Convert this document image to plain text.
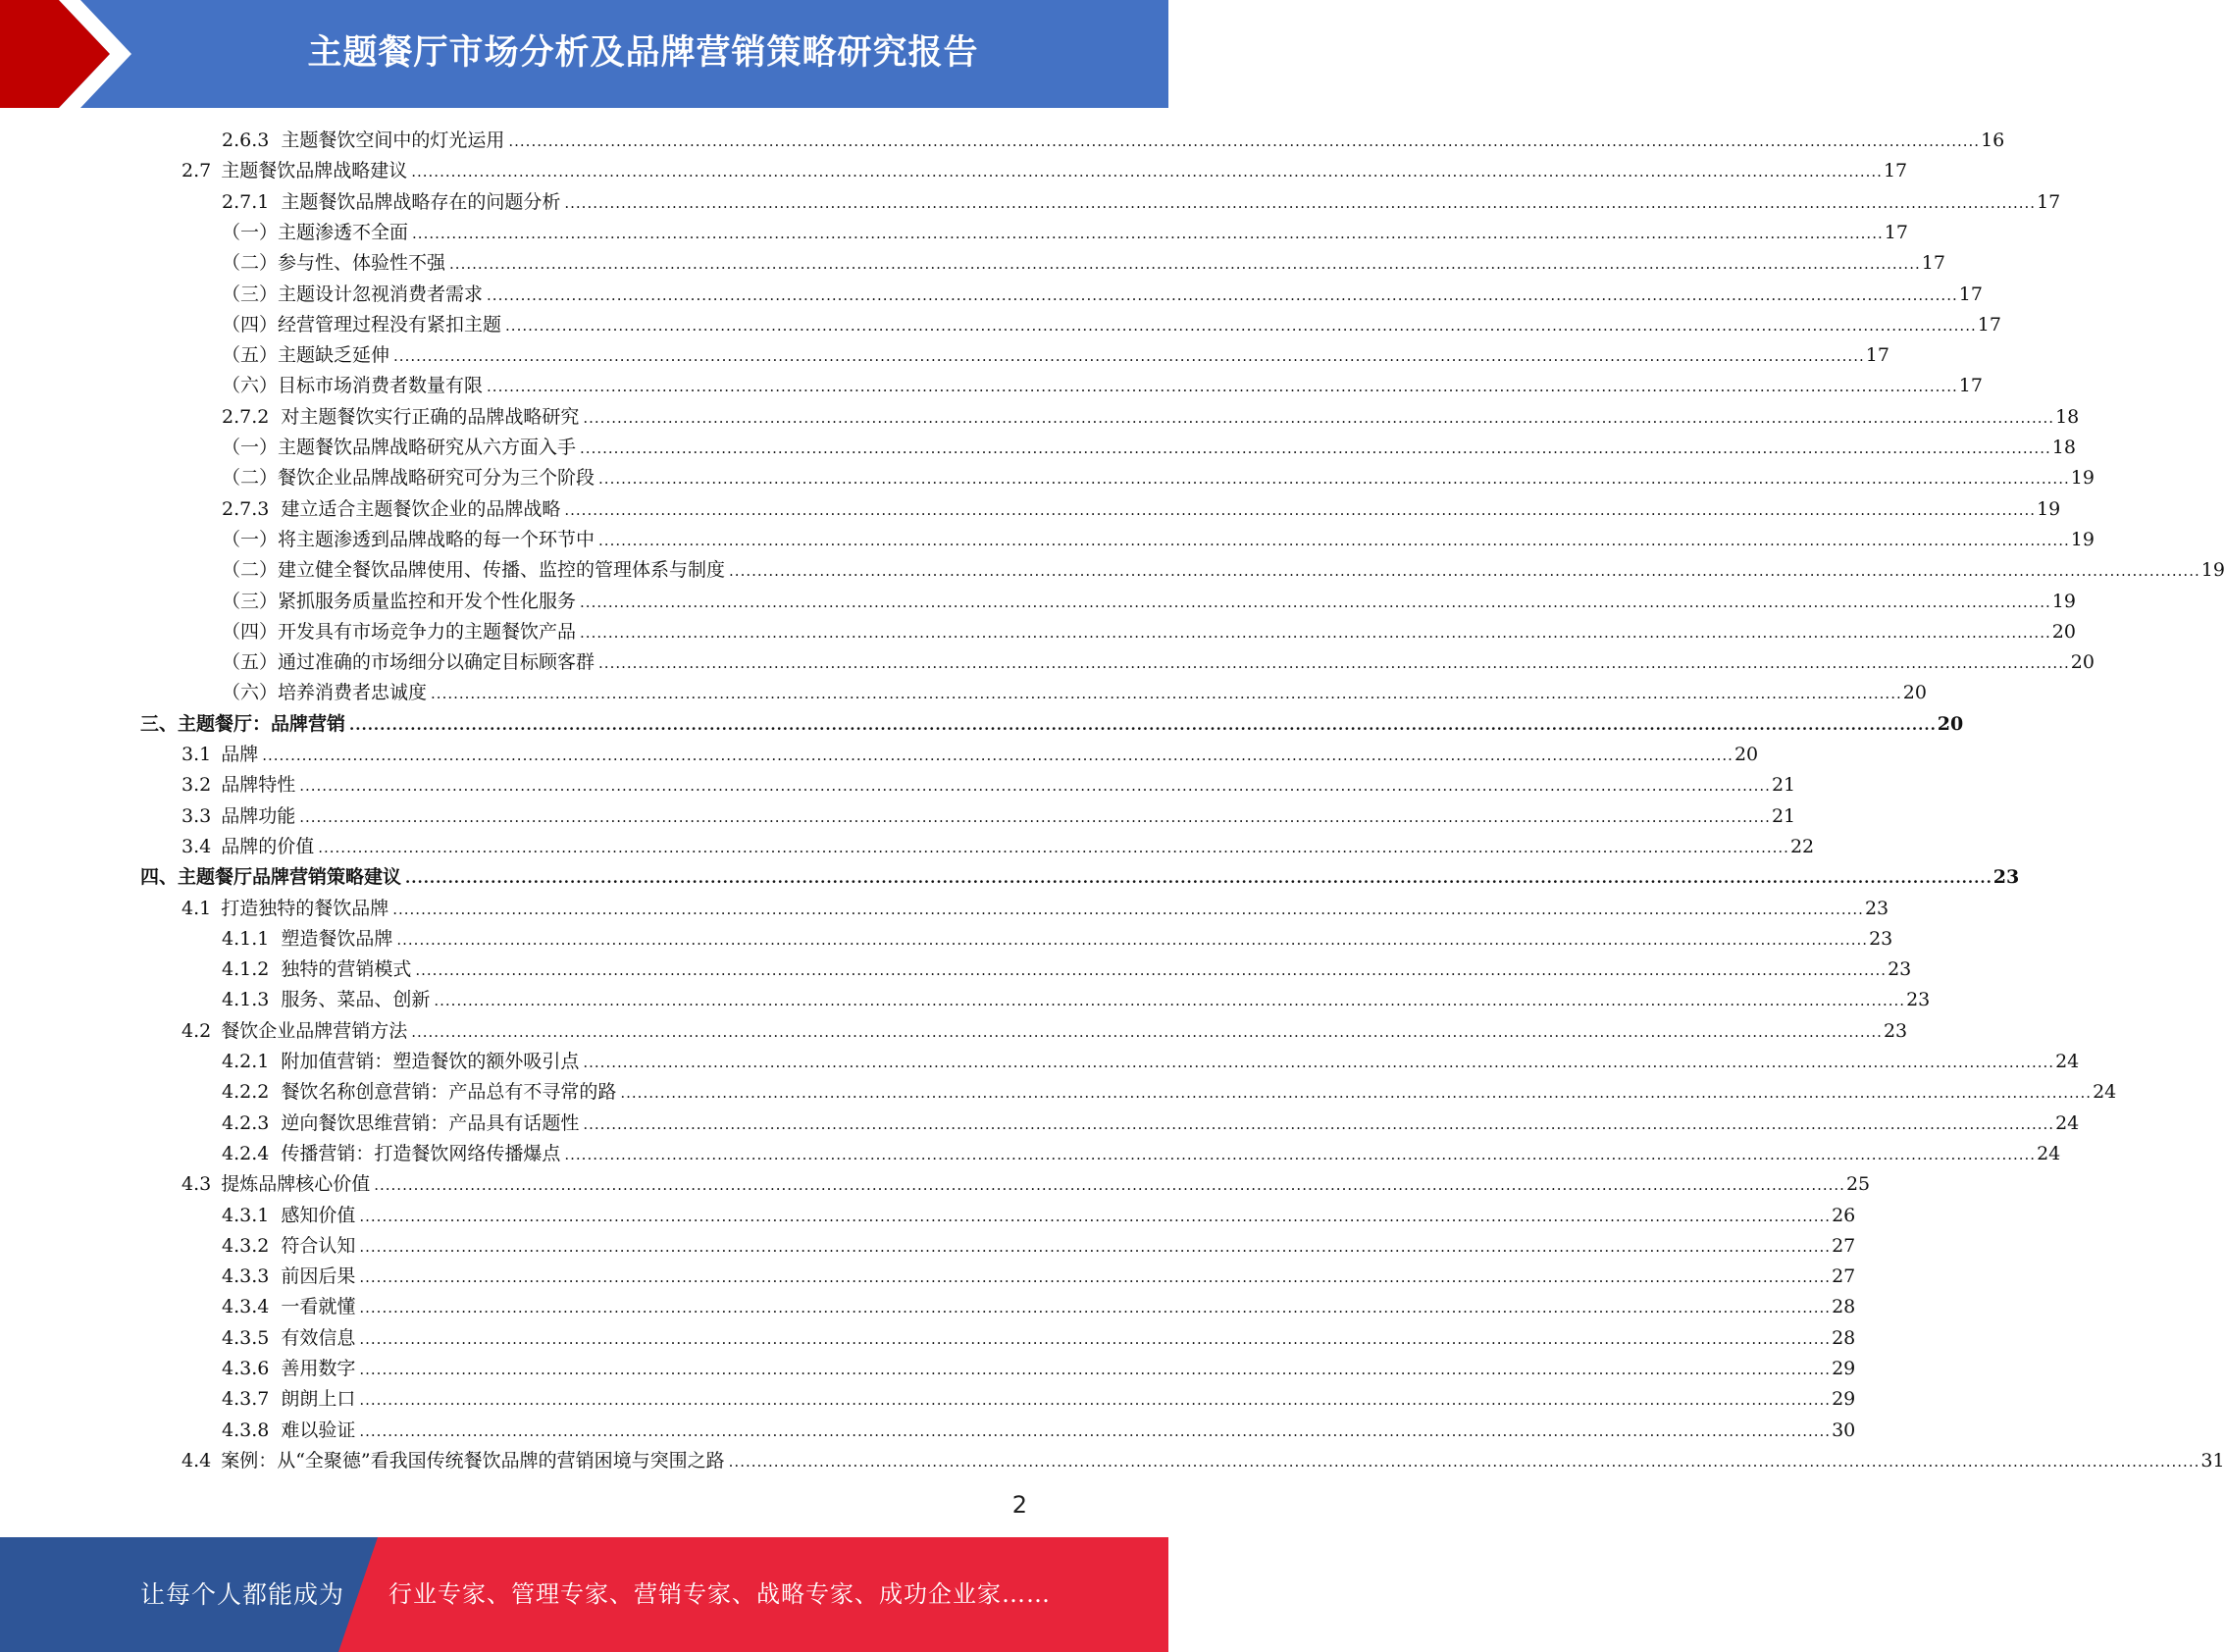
主题餐厅市场分析及品牌营销策略研究报告
2.6.3 主题餐饮空间中的灯光运用 .................................................................................................................................................................................................................................................................... 16
2.7 主题餐饮品牌战略建议 .................................................................................................................................................................................................................................................................... 17
2.7.1 主题餐饮品牌战略存在的问题分析 .................................................................................................................................................................................................................................................................... 17
（一） 主题渗透不全面 .................................................................................................................................................................................................................................................................... 17
（二） 参与性、体验性不强 .................................................................................................................................................................................................................................................................... 17
（三） 主题设计忽视消费者需求 .................................................................................................................................................................................................................................................................... 17
（四） 经营管理过程没有紧扣主题 .................................................................................................................................................................................................................................................................... 17
（五） 主题缺乏延伸 .................................................................................................................................................................................................................................................................... 17
（六） 目标市场消费者数量有限 .................................................................................................................................................................................................................................................................... 17
2.7.2 对主题餐饮实行正确的品牌战略研究 .................................................................................................................................................................................................................................................................... 18
（一） 主题餐饮品牌战略研究从六方面入手 .................................................................................................................................................................................................................................................................... 18
（二） 餐饮企业品牌战略研究可分为三个阶段 .................................................................................................................................................................................................................................................................... 19
2.7.3 建立适合主题餐饮企业的品牌战略 .................................................................................................................................................................................................................................................................... 19
（一） 将主题渗透到品牌战略的每一个环节中 .................................................................................................................................................................................................................................................................... 19
（二） 建立健全餐饮品牌使用、传播、监控的管理体系与制度 .................................................................................................................................................................................................................................................................... 19
（三） 紧抓服务质量监控和开发个性化服务 .................................................................................................................................................................................................................................................................... 19
（四） 开发具有市场竞争力的主题餐饮产品 .................................................................................................................................................................................................................................................................... 20
（五） 通过准确的市场细分以确定目标顾客群 .................................................................................................................................................................................................................................................................... 20
（六） 培养消费者忠诚度 .................................................................................................................................................................................................................................................................... 20
三、 主题餐厅：品牌营销 .................................................................................................................................................................................................................................................................... 20
3.1 品牌 .................................................................................................................................................................................................................................................................... 20
3.2 品牌特性 .................................................................................................................................................................................................................................................................... 21
3.3 品牌功能 .................................................................................................................................................................................................................................................................... 21
3.4 品牌的价值 .................................................................................................................................................................................................................................................................... 22
四、 主题餐厅品牌营销策略建议 .................................................................................................................................................................................................................................................................... 23
4.1 打造独特的餐饮品牌 .................................................................................................................................................................................................................................................................... 23
4.1.1 塑造餐饮品牌 .................................................................................................................................................................................................................................................................... 23
4.1.2 独特的营销模式 .................................................................................................................................................................................................................................................................... 23
4.1.3 服务、菜品、创新 .................................................................................................................................................................................................................................................................... 23
4.2 餐饮企业品牌营销方法 .................................................................................................................................................................................................................................................................... 23
4.2.1 附加值营销：塑造餐饮的额外吸引点 .................................................................................................................................................................................................................................................................... 24
4.2.2 餐饮名称创意营销：产品总有不寻常的路 .................................................................................................................................................................................................................................................................... 24
4.2.3 逆向餐饮思维营销：产品具有话题性 .................................................................................................................................................................................................................................................................... 24
4.2.4 传播营销：打造餐饮网络传播爆点 .................................................................................................................................................................................................................................................................... 24
4.3 提炼品牌核心价值 .................................................................................................................................................................................................................................................................... 25
4.3.1 感知价值 .................................................................................................................................................................................................................................................................... 26
4.3.2 符合认知 .................................................................................................................................................................................................................................................................... 27
4.3.3 前因后果 .................................................................................................................................................................................................................................................................... 27
4.3.4 一看就懂 .................................................................................................................................................................................................................................................................... 28
4.3.5 有效信息 .................................................................................................................................................................................................................................................................... 28
4.3.6 善用数字 .................................................................................................................................................................................................................................................................... 29
4.3.7 朗朗上口 .................................................................................................................................................................................................................................................................... 29
4.3.8 难以验证 .................................................................................................................................................................................................................................................................... 30
4.4 案例：从“全聚德”看我国传统餐饮品牌的营销困境与突围之路 .................................................................................................................................................................................................................................................................... 31
2
让每个人都能成为 行业专家、管理专家、营销专家、战略专家、成功企业家……
